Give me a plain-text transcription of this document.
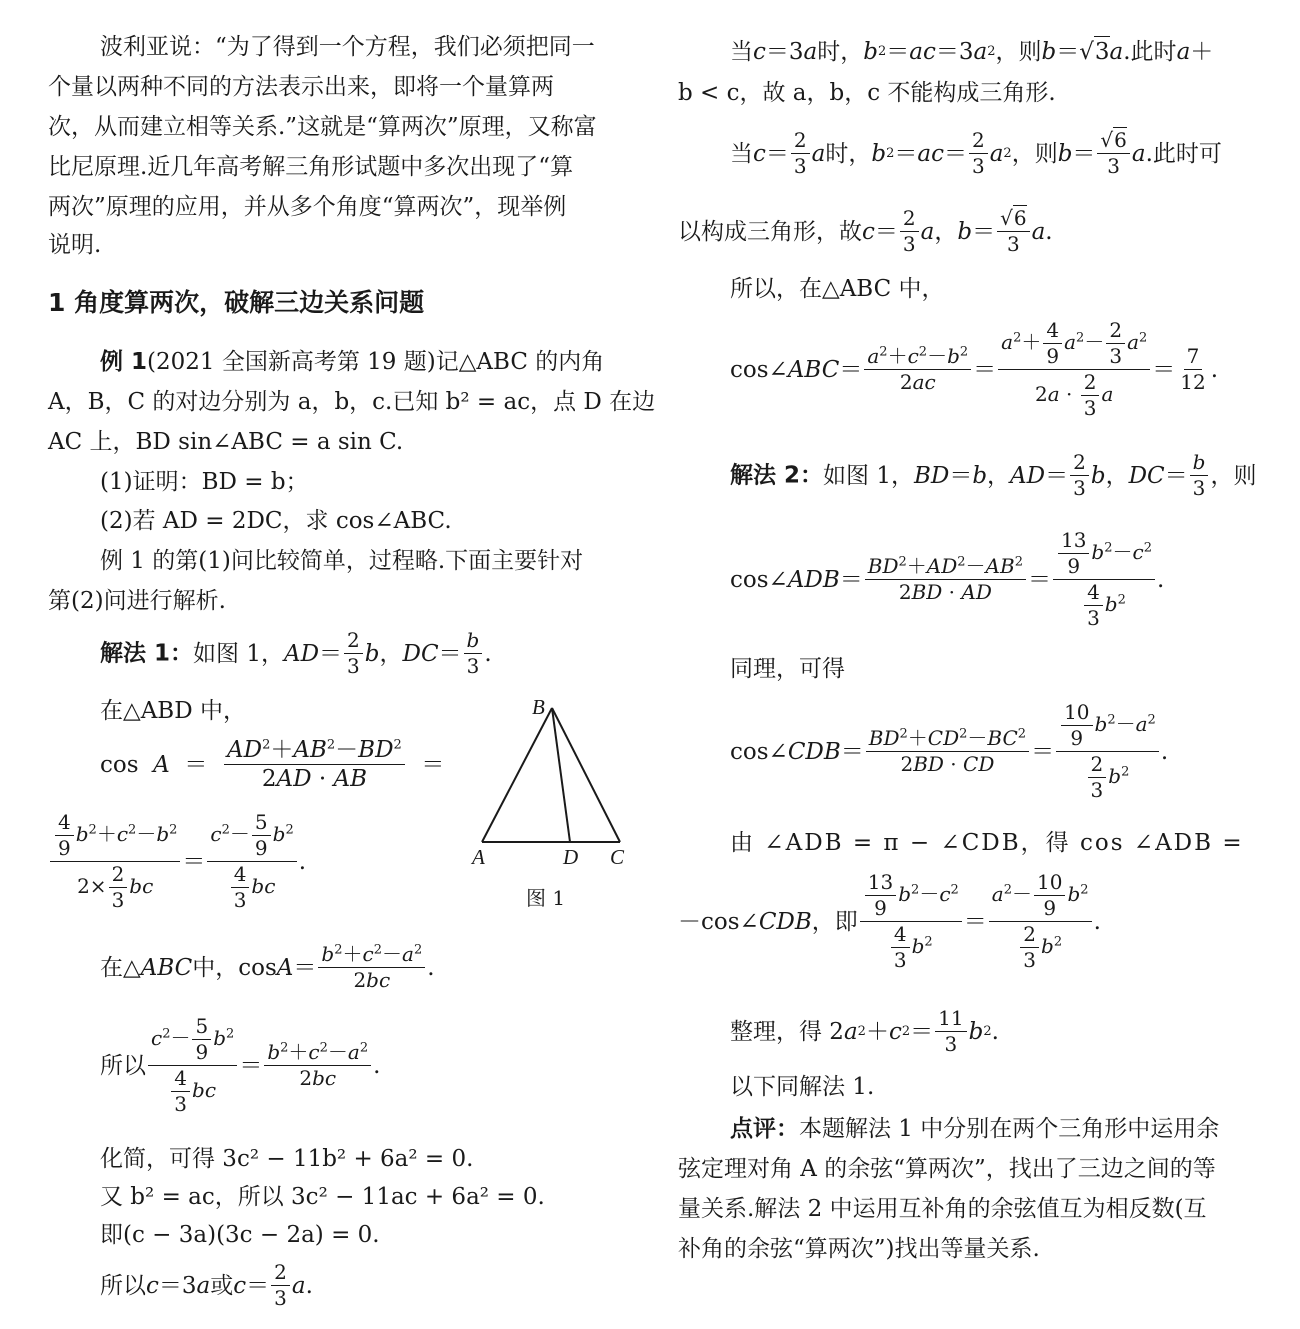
波利亚说：“为了得到一个方程，我们必须把同一
个量以两种不同的方法表示出来，即将一个量算两
次，从而建立相等关系.”这就是“算两次”原理，又称富
比尼原理.近几年高考解三角形试题中多次出现了“算
两次”原理的应用，并从多个角度“算两次”，现举例
说明.
1 角度算两次，破解三边关系问题
例 1(2021 全国新高考第 19 题)记△ABC 的内角
A，B，C 的对边分别为 a，b，c.已知 b² = ac，点 D 在边
AC 上，BD sin∠ABC = a sin C.
(1)证明：BD = b；
(2)若 AD = 2DC，求 cos∠ABC.
例 1 的第(1)问比较简单，过程略.下面主要针对
第(2)问进行解析.
解法 1：如图 1， AD ＝ $\frac{2}{3}$ b ， DC ＝ $\frac{b}{3}$ .
在△ABD 中，
$\cos A = \frac{AD^2+AB^2-BD^2}{2AD \cdot AB}$ ＝
$\frac{\frac{4}{9} b^2+c^2-b^2}{2\times \frac{2}{3} bc} = \frac{c^2- \frac{5}{9} b^2}{\frac{4}{3} bc}$ .
在△ ABC 中，$\cos A = \frac{b^2+c^2-a^2}{2bc}$ .
所以 $\frac{c^2- \frac{5}{9} b^2}{\frac{4}{3} bc} = \frac{b^2+c^2-a^2}{2bc}$ .
化简，可得 3c² − 11b² + 6a² = 0.
又 b² = ac，所以 3c² − 11ac + 6a² = 0.
即(c − 3a)(3c − 2a) = 0.
所以 c ＝3 a 或 $c = \frac{2}{3}$ a .
B
A	D C
图 1
当 c ＝3 a 时， b 2 ＝ ac ＝3 a 2 ，则 b ＝√ 3 a .此时 a ＋
b < c，故 a，b，c 不能构成三角形.
当 $c = \frac{2}{3}$ a 时， b 2 ＝ ac ＝ $\frac{2}{3}$ a 2 ，则 $b = \frac{√6}{3}$ a .此时可
以构成三角形，故 $c = \frac{2}{3}$ a ， $b = \frac{√6}{3}$ a .
所以，在△ABC 中，
cos∠ ABC ＝ $\frac{a^2+c^2-b^2}{2ac} = \frac{a^2+ \frac{4}{9} a^2- \frac{2}{3} a^2}{2a \cdot \frac{2}{3} a} = \frac{7}{12}$ .
解法 2：如图 1， BD ＝ b ， AD ＝ $\frac{2}{3}$ b ， DC ＝ $\frac{b}{3}$ ，则
cos∠ ADB ＝ $\frac{BD^2+AD^2-AB^2}{2BD \cdot AD} = \frac{\frac{13}{9} b^2-c^2}{\frac{4}{3} b^2}$ .
同理，可得
cos∠ CDB ＝ $\frac{BD^2+CD^2-BC^2}{2BD \cdot CD} = \frac{\frac{10}{9} b^2-a^2}{\frac{2}{3} b^2}$ .
由 ∠ADB = π − ∠CDB，得 cos ∠ADB =
－cos∠ CDB ，即 $\frac{\frac{13}{9} b^2-c^2}{\frac{4}{3} b^2} = \frac{a^2- \frac{10}{9} b^2}{\frac{2}{3} b^2}$ .
整理，得 2 a 2 ＋ c $2 = \frac{11}{3}$ b 2 .
以下同解法 1.
点评：本题解法 1 中分别在两个三角形中运用余
弦定理对角 A 的余弦“算两次”，找出了三边之间的等
量关系.解法 2 中运用互补角的余弦值互为相反数(互
补角的余弦“算两次”)找出等量关系.
